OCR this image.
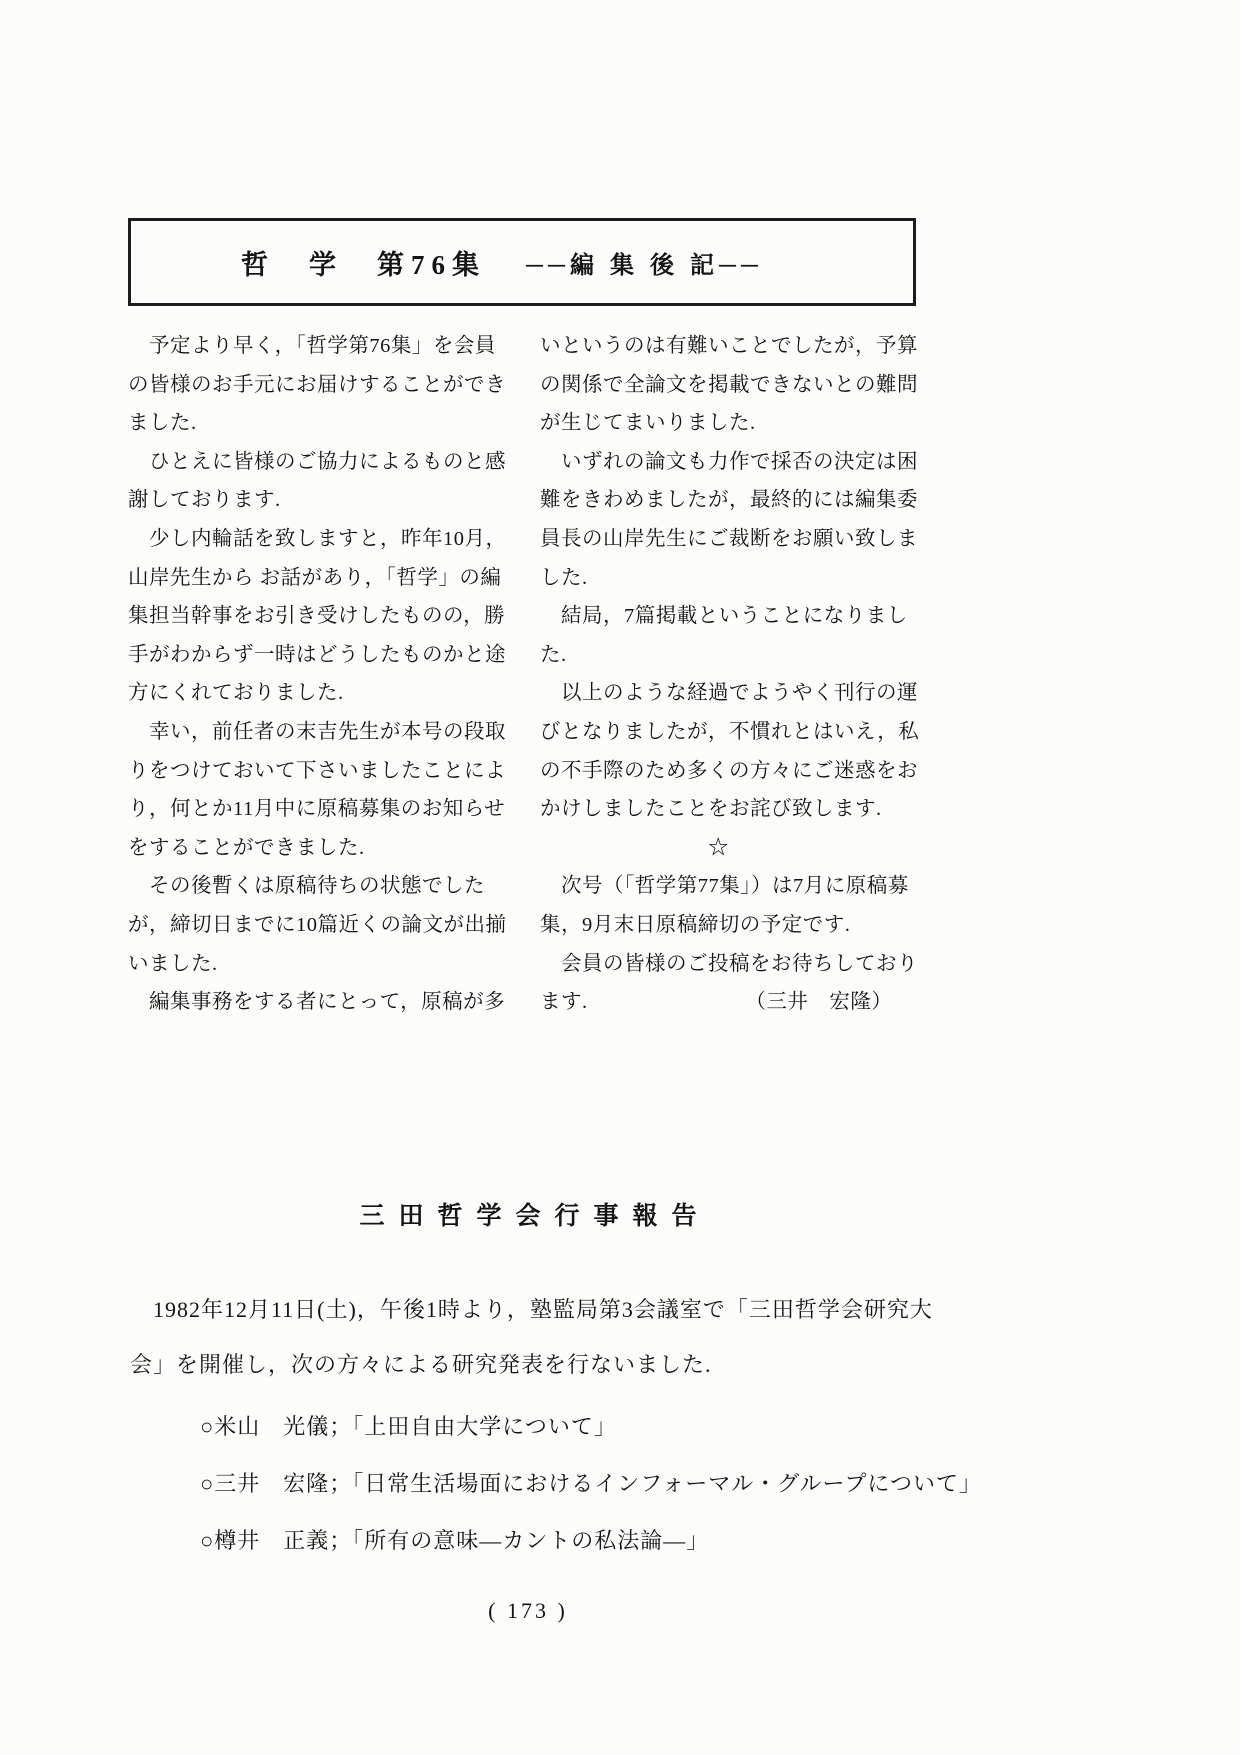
哲　学　第76集 ──編 集 後 記──
　予定より早く，「哲学第76集」を会員
の皆様のお手元にお届けすることができ
ました.
　ひとえに皆様のご協力によるものと感
謝しております.
　少し内輪話を致しますと，昨年10月，
山岸先生から お話があり，「哲学」の編
集担当幹事をお引き受けしたものの，勝
手がわからず一時はどうしたものかと途
方にくれておりました.
　幸い，前任者の末吉先生が本号の段取
りをつけておいて下さいましたことによ
り，何とか11月中に原稿募集のお知らせ
をすることができました.
　その後暫くは原稿待ちの状態でした
が，締切日までに10篇近くの論文が出揃
いました.
　編集事務をする者にとって，原稿が多
いというのは有難いことでしたが，予算
の関係で全論文を掲載できないとの難問
が生じてまいりました.
　いずれの論文も力作で採否の決定は困
難をきわめましたが，最終的には編集委
員長の山岸先生にご裁断をお願い致しま
した.
　結局，7篇掲載ということになりまし
た.
　以上のような経過でようやく刊行の運
びとなりましたが，不慣れとはいえ，私
の不手際のため多くの方々にご迷惑をお
かけしましたことをお詫び致します.
　　　　　　　　☆
　次号（「哲学第77集」）は7月に原稿募
集，9月末日原稿締切の予定です.
　会員の皆様のご投稿をお待ちしており
ます.　　　　　　　　（三井　宏隆）
三田哲学会行事報告
　1982年12月11日(土)，午後1時より，塾監局第3会議室で「三田哲学会研究大
会」を開催し，次の方々による研究発表を行ないました.
○米山　光儀；「上田自由大学について」
○三井　宏隆；「日常生活場面におけるインフォーマル・グループについて」
○樽井　正義；「所有の意味―カントの私法論―」
( 173 )
